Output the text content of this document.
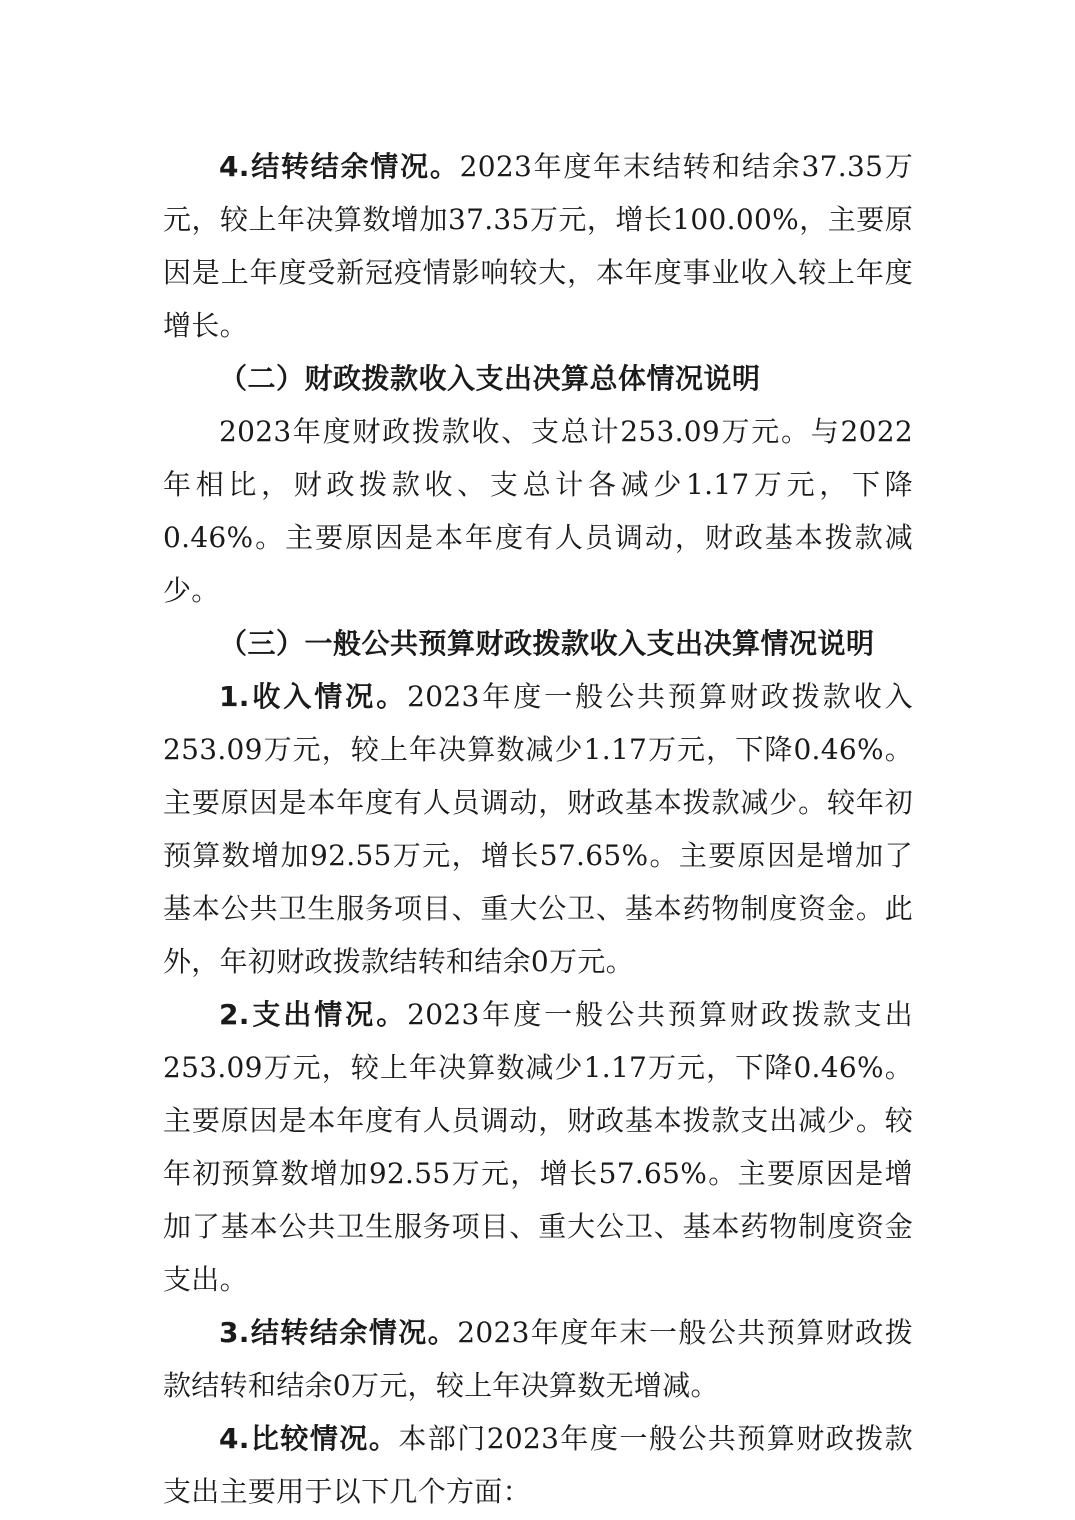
4.结转结余情况。2023年度年末结转和结余37.35万元，较上年决算数增加37.35万元，增长100.00%，主要原因是上年度受新冠疫情影响较大，本年度事业收入较上年度增长。

（二）财政拨款收入支出决算总体情况说明

2023年度财政拨款收、支总计253.09万元。与2022年相比，财政拨款收、支总计各减少1.17万元，下降0.46%。主要原因是本年度有人员调动，财政基本拨款减少。

（三）一般公共预算财政拨款收入支出决算情况说明

1.收入情况。2023年度一般公共预算财政拨款收入253.09万元，较上年决算数减少1.17万元，下降0.46%。主要原因是本年度有人员调动，财政基本拨款减少。较年初预算数增加92.55万元，增长57.65%。主要原因是增加了基本公共卫生服务项目、重大公卫、基本药物制度资金。此外，年初财政拨款结转和结余0万元。

2.支出情况。2023年度一般公共预算财政拨款支出253.09万元，较上年决算数减少1.17万元，下降0.46%。主要原因是本年度有人员调动，财政基本拨款支出减少。较年初预算数增加92.55万元，增长57.65%。主要原因是增加了基本公共卫生服务项目、重大公卫、基本药物制度资金支出。

3.结转结余情况。2023年度年末一般公共预算财政拨款结转和结余0万元，较上年决算数无增减。

4.比较情况。本部门2023年度一般公共预算财政拨款支出主要用于以下几个方面：
